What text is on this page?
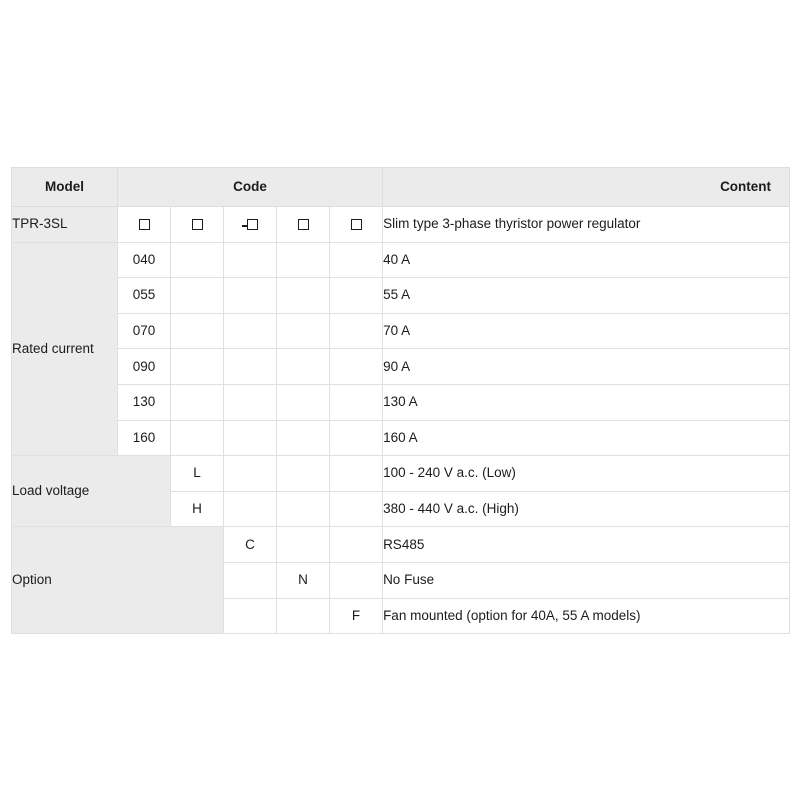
Model	Code					Content
TPR-3SL						Slim type 3-phase thyristor power regulator

Rated current	040					40 A
	055					55 A
	070					70 A
	090					90 A
	130					130 A
	160					160 A
Load voltage		L				100 - 240 V a.c. (Low)
		H				380 - 440 V a.c. (High)
Option			C			RS485
				N		No Fuse
					F	Fan mounted (option for 40A, 55 A models)
